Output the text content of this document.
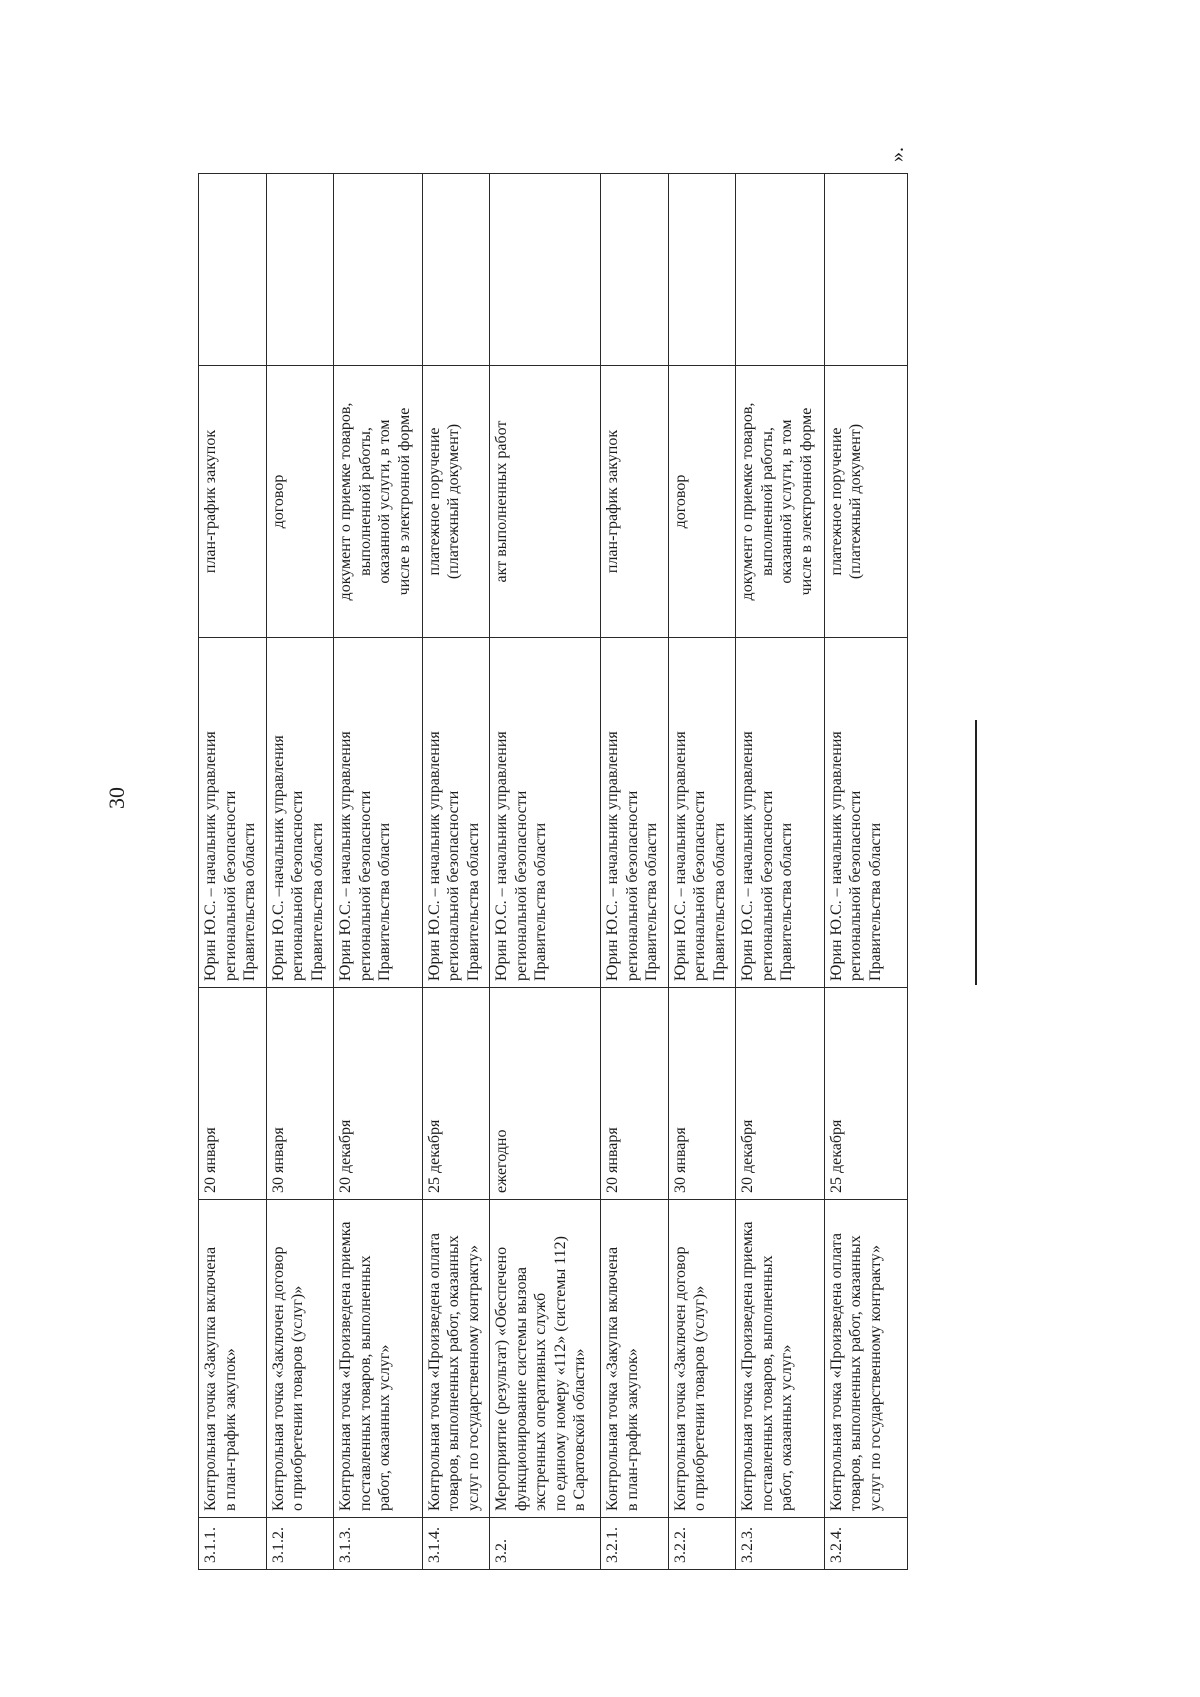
30
3.1.1.	Контрольная точка «Закупка включена в план-график закупок»	20 января	Юрин Ю.С. – начальник управления региональной безопасности Правительства области	план-график закупок	

3.1.2.	Контрольная точка «Заключен договор о приобретении товаров (услуг)»	30 января	Юрин Ю.С. –начальник управления региональной безопасности Правительства области	договор	

3.1.3.	Контрольная точка «Произведена приемка поставленных товаров, выполненных работ, оказанных услуг»	20 декабря	Юрин Ю.С. – начальник управления региональной безопасности Правительства области	документ о приемке товаров, выполненной работы, оказанной услуги, в том числе в электронной форме	

3.1.4.	Контрольная точка «Произведена оплата товаров, выполненных работ, оказанных услуг по государственному контракту»	25 декабря	Юрин Ю.С. – начальник управления региональной безопасности Правительства области	платежное поручение (платежный документ)	

3.2.	Мероприятие (результат) «Обеспечено функционирование системы вызова экстренных оперативных служб по единому номеру «112» (системы 112) в Саратовской области»	ежегодно	Юрин Ю.С. – начальник управления региональной безопасности Правительства области	акт выполненных работ	

3.2.1.	Контрольная точка «Закупка включена в план-график закупок»	20 января	Юрин Ю.С. – начальник управления региональной безопасности Правительства области	план-график закупок	

3.2.2.	Контрольная точка «Заключен договор о приобретении товаров (услуг)»	30 января	Юрин Ю.С. – начальник управления региональной безопасности Правительства области	договор	

3.2.3.	Контрольная точка «Произведена приемка поставленных товаров, выполненных работ, оказанных услуг»	20 декабря	Юрин Ю.С. – начальник управления региональной безопасности Правительства области	документ о приемке товаров, выполненной работы, оказанной услуги, в том числе в электронной форме	

3.2.4.	Контрольная точка «Произведена оплата товаров, выполненных работ, оказанных услуг по государственному контракту»	25 декабря	Юрин Ю.С. – начальник управления региональной безопасности Правительства области	платежное поручение (платежный документ)	

».
